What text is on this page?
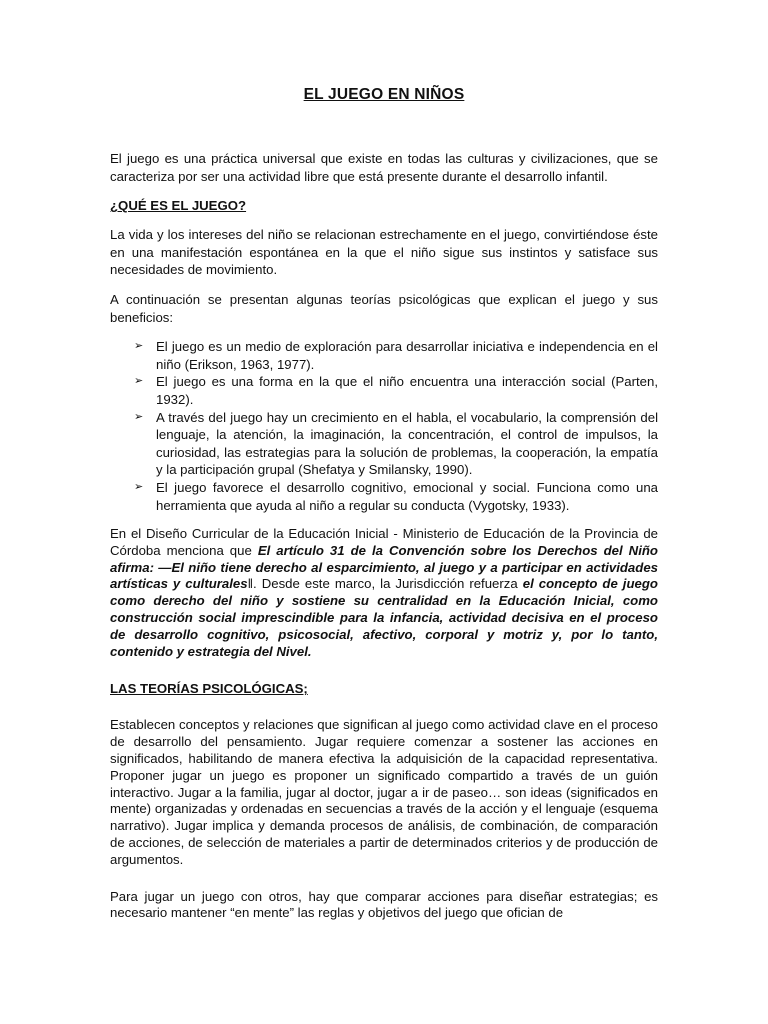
EL JUEGO EN NIÑOS

El juego es una práctica universal que existe en todas las culturas y civilizaciones, que se caracteriza por ser una actividad libre que está presente durante el desarrollo infantil.

¿QUÉ ES EL JUEGO?

La vida y los intereses del niño se relacionan estrechamente en el juego, convirtiéndose éste en una manifestación espontánea en la que el niño sigue sus instintos y satisface sus necesidades de movimiento.

A continuación se presentan algunas teorías psicológicas que explican el juego y sus beneficios:

➢ El juego es un medio de exploración para desarrollar iniciativa e independencia en el niño (Erikson, 1963, 1977).
➢ El juego es una forma en la que el niño encuentra una interacción social (Parten, 1932).
➢ A través del juego hay un crecimiento en el habla, el vocabulario, la comprensión del lenguaje, la atención, la imaginación, la concentración, el control de impulsos, la curiosidad, las estrategias para la solución de problemas, la cooperación, la empatía y la participación grupal (Shefatya y Smilansky, 1990).
➢ El juego favorece el desarrollo cognitivo, emocional y social. Funciona como una herramienta que ayuda al niño a regular su conducta (Vygotsky, 1933).

En el Diseño Curricular de la Educación Inicial - Ministerio de Educación de la Provincia de Córdoba menciona que El artículo 31 de la Convención sobre los Derechos del Niño afirma: —El niño tiene derecho al esparcimiento, al juego y a participar en actividades artísticas y culturales‖. Desde este marco, la Jurisdicción refuerza el concepto de juego como derecho del niño y sostiene su centralidad en la Educación Inicial, como construcción social imprescindible para la infancia, actividad decisiva en el proceso de desarrollo cognitivo, psicosocial, afectivo, corporal y motriz y, por lo tanto, contenido y estrategia del Nivel.

LAS TEORÍAS PSICOLÓGICAS;

Establecen conceptos y relaciones que significan al juego como actividad clave en el proceso de desarrollo del pensamiento. Jugar requiere comenzar a sostener las acciones en significados, habilitando de manera efectiva la adquisición de la capacidad representativa. Proponer jugar un juego es proponer un significado compartido a través de un guión interactivo. Jugar a la familia, jugar al doctor, jugar a ir de paseo… son ideas (significados en mente) organizadas y ordenadas en secuencias a través de la acción y el lenguaje (esquema narrativo). Jugar implica y demanda procesos de análisis, de combinación, de comparación de acciones, de selección de materiales a partir de determinados criterios y de producción de argumentos.

Para jugar un juego con otros, hay que comparar acciones para diseñar estrategias; es necesario mantener “en mente” las reglas y objetivos del juego que ofician de
